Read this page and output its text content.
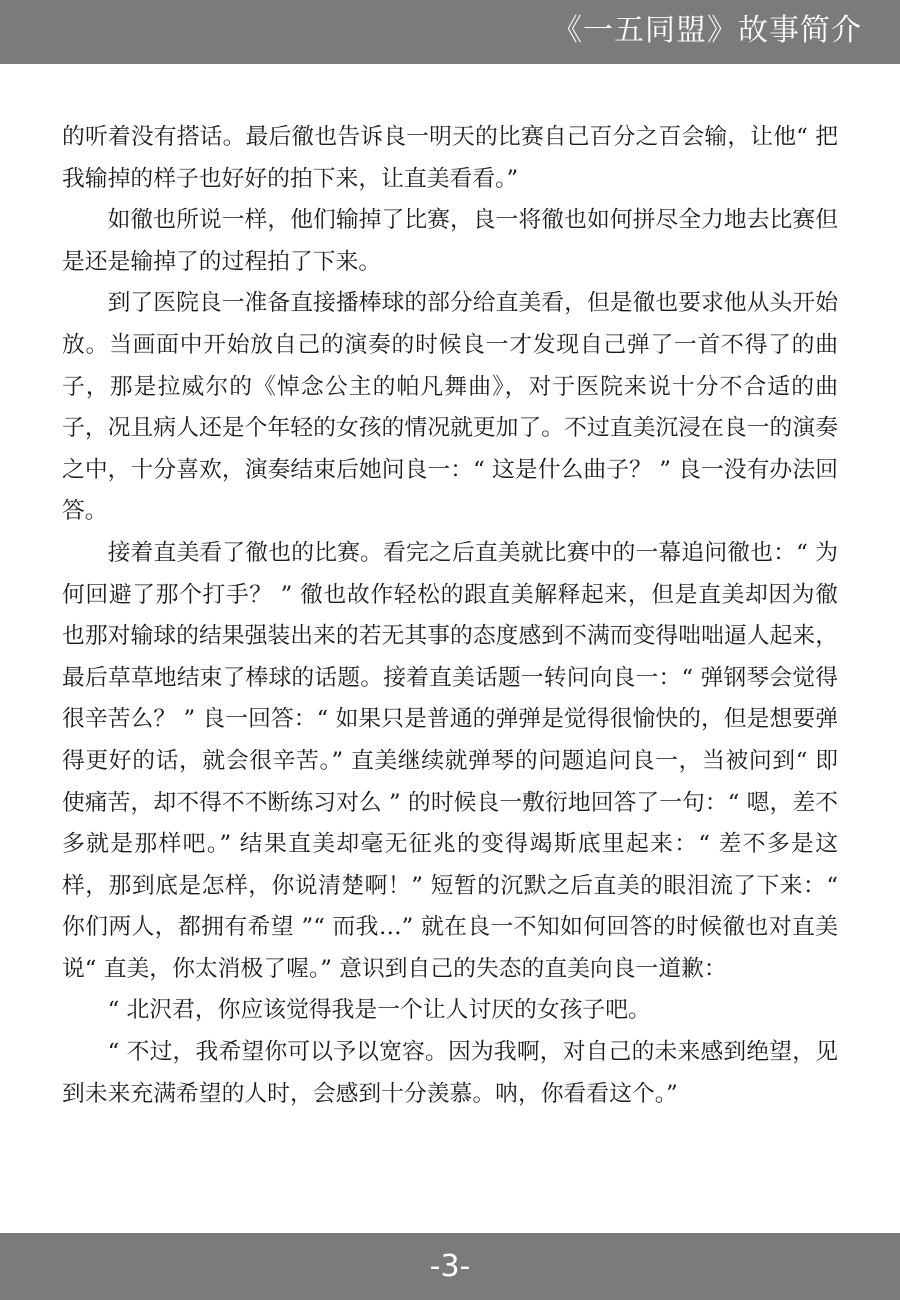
《一五同盟》故事简介

的听着没有搭话。最后徹也告诉良一明天的比赛自己百分之百会输，让他“ 把我输掉的样子也好好的拍下来，让直美看看。”

如徹也所说一样，他们输掉了比赛，良一将徹也如何拼尽全力地去比赛但是还是输掉了的过程拍了下来。

到了医院良一准备直接播棒球的部分给直美看，但是徹也要求他从头开始放。当画面中开始放自己的演奏的时候良一才发现自己弹了一首不得了的曲子，那是拉威尔的《悼念公主的帕凡舞曲》，对于医院来说十分不合适的曲子，况且病人还是个年轻的女孩的情况就更加了。不过直美沉浸在良一的演奏之中，十分喜欢，演奏结束后她问良一：“ 这是什么曲子？ ” 良一没有办法回答。

接着直美看了徹也的比赛。看完之后直美就比赛中的一幕追问徹也：“ 为何回避了那个打手？ ” 徹也故作轻松的跟直美解释起来，但是直美却因为徹也那对输球的结果强装出来的若无其事的态度感到不满而变得咄咄逼人起来，最后草草地结束了棒球的话题。接着直美话题一转问向良一：“ 弹钢琴会觉得很辛苦么？ ” 良一回答：“ 如果只是普通的弹弹是觉得很愉快的，但是想要弹得更好的话，就会很辛苦。” 直美继续就弹琴的问题追问良一，当被问到“ 即使痛苦，却不得不不断练习对么 ” 的时候良一敷衍地回答了一句：“ 嗯，差不多就是那样吧。” 结果直美却毫无征兆的变得竭斯底里起来：“ 差不多是这样，那到底是怎样，你说清楚啊！” 短暂的沉默之后直美的眼泪流了下来：“ 你们两人，都拥有希望 ”“ 而我…” 就在良一不知如何回答的时候徹也对直美说“ 直美，你太消极了喔。” 意识到自己的失态的直美向良一道歉：

“ 北沢君，你应该觉得我是一个让人讨厌的女孩子吧。

“ 不过，我希望你可以予以宽容。因为我啊，对自己的未来感到绝望，见到未来充满希望的人时，会感到十分羡慕。呐，你看看这个。”

-3-
